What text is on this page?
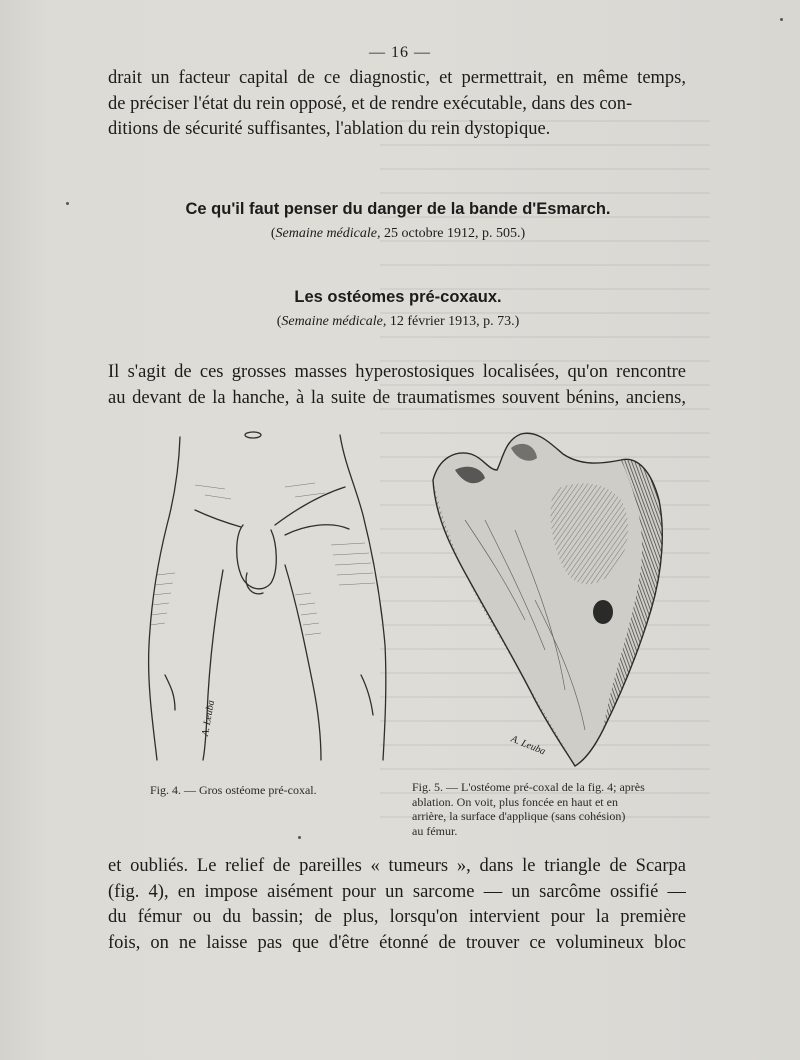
— 16 —
drait un facteur capital de ce diagnostic, et permettrait, en même temps,
de préciser l'état du rein opposé, et de rendre exécutable, dans des con-
ditions de sécurité suffisantes, l'ablation du rein dystopique.
Ce qu'il faut penser du danger de la bande d'Esmarch.
(Semaine médicale, 25 octobre 1912, p. 505.)
Les ostéomes pré-coxaux.
(Semaine médicale, 12 février 1913, p. 73.)
Il s'agit de ces grosses masses hyperostosiques localisées, qu'on rencontre
au devant de la hanche, à la suite de traumatismes souvent bénins, anciens,
A. Leuba
A. Leuba
Fig. 4. — Gros ostéome pré-coxal.	Fig. 5. — L'ostéome pré-coxal de la fig. 4; après
ablation. On voit, plus foncée en haut et en
arrière, la surface d'applique (sans cohésion)
au fémur.
et oubliés. Le relief de pareilles « tumeurs », dans le triangle de Scarpa
(fig. 4), en impose aisément pour un sarcome — un sarcôme ossifié —
du fémur ou du bassin; de plus, lorsqu'on intervient pour la première
fois, on ne laisse pas que d'être étonné de trouver ce volumineux bloc
